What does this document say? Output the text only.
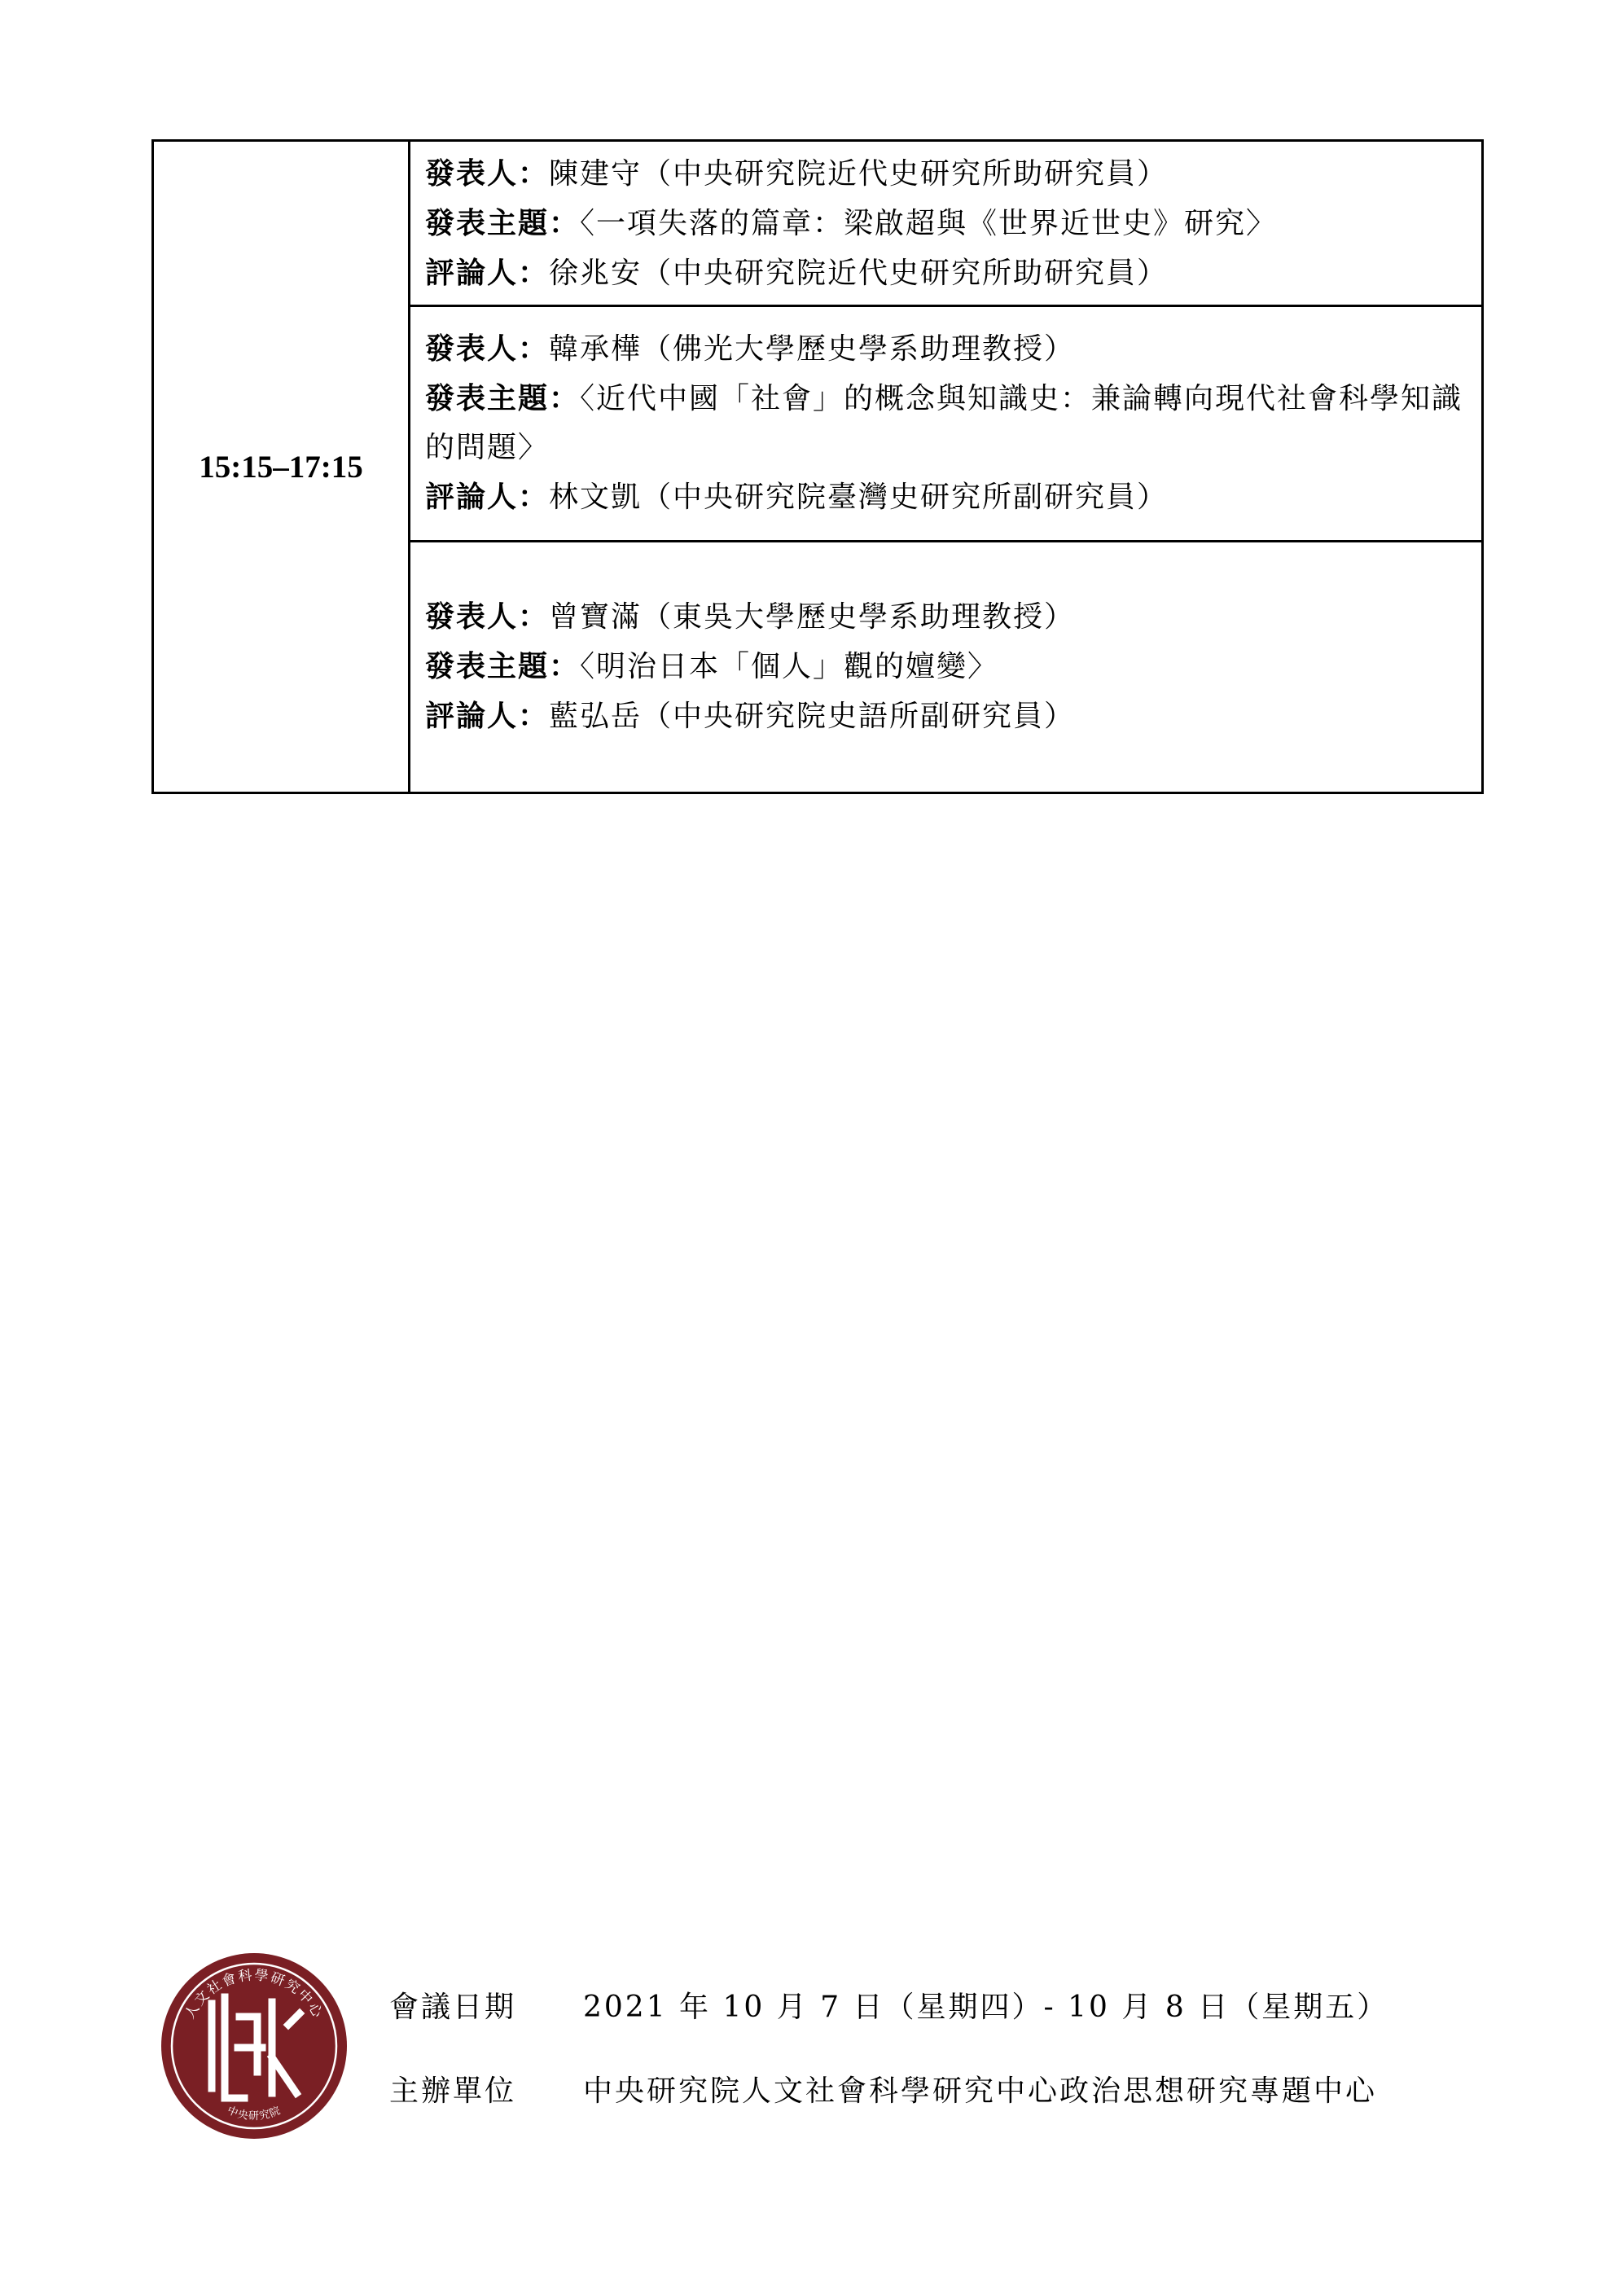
15:15–17:15	
發表人：陳建守（中央研究院近代史研究所助研究員）
發表主題：〈一項失落的篇章：梁啟超與《世界近世史》研究〉
評論人：徐兆安（中央研究院近代史研究所助研究員）

發表人：韓承樺（佛光大學歷史學系助理教授）
發表主題：〈近代中國「社會」的概念與知識史：兼論轉向現代社會科學知識的問題〉
評論人：林文凱（中央研究院臺灣史研究所副研究員）

發表人：曾寶滿（東吳大學歷史學系助理教授）
發表主題：〈明治日本「個人」觀的嬗變〉
評論人：藍弘岳（中央研究院史語所副研究員）
人文社會科學研究中心
中央研究院
會議日期 2021 年 10 月 7 日（星期四）- 10 月 8 日（星期五）
主辦單位 中央研究院人文社會科學研究中心政治思想研究專題中心
